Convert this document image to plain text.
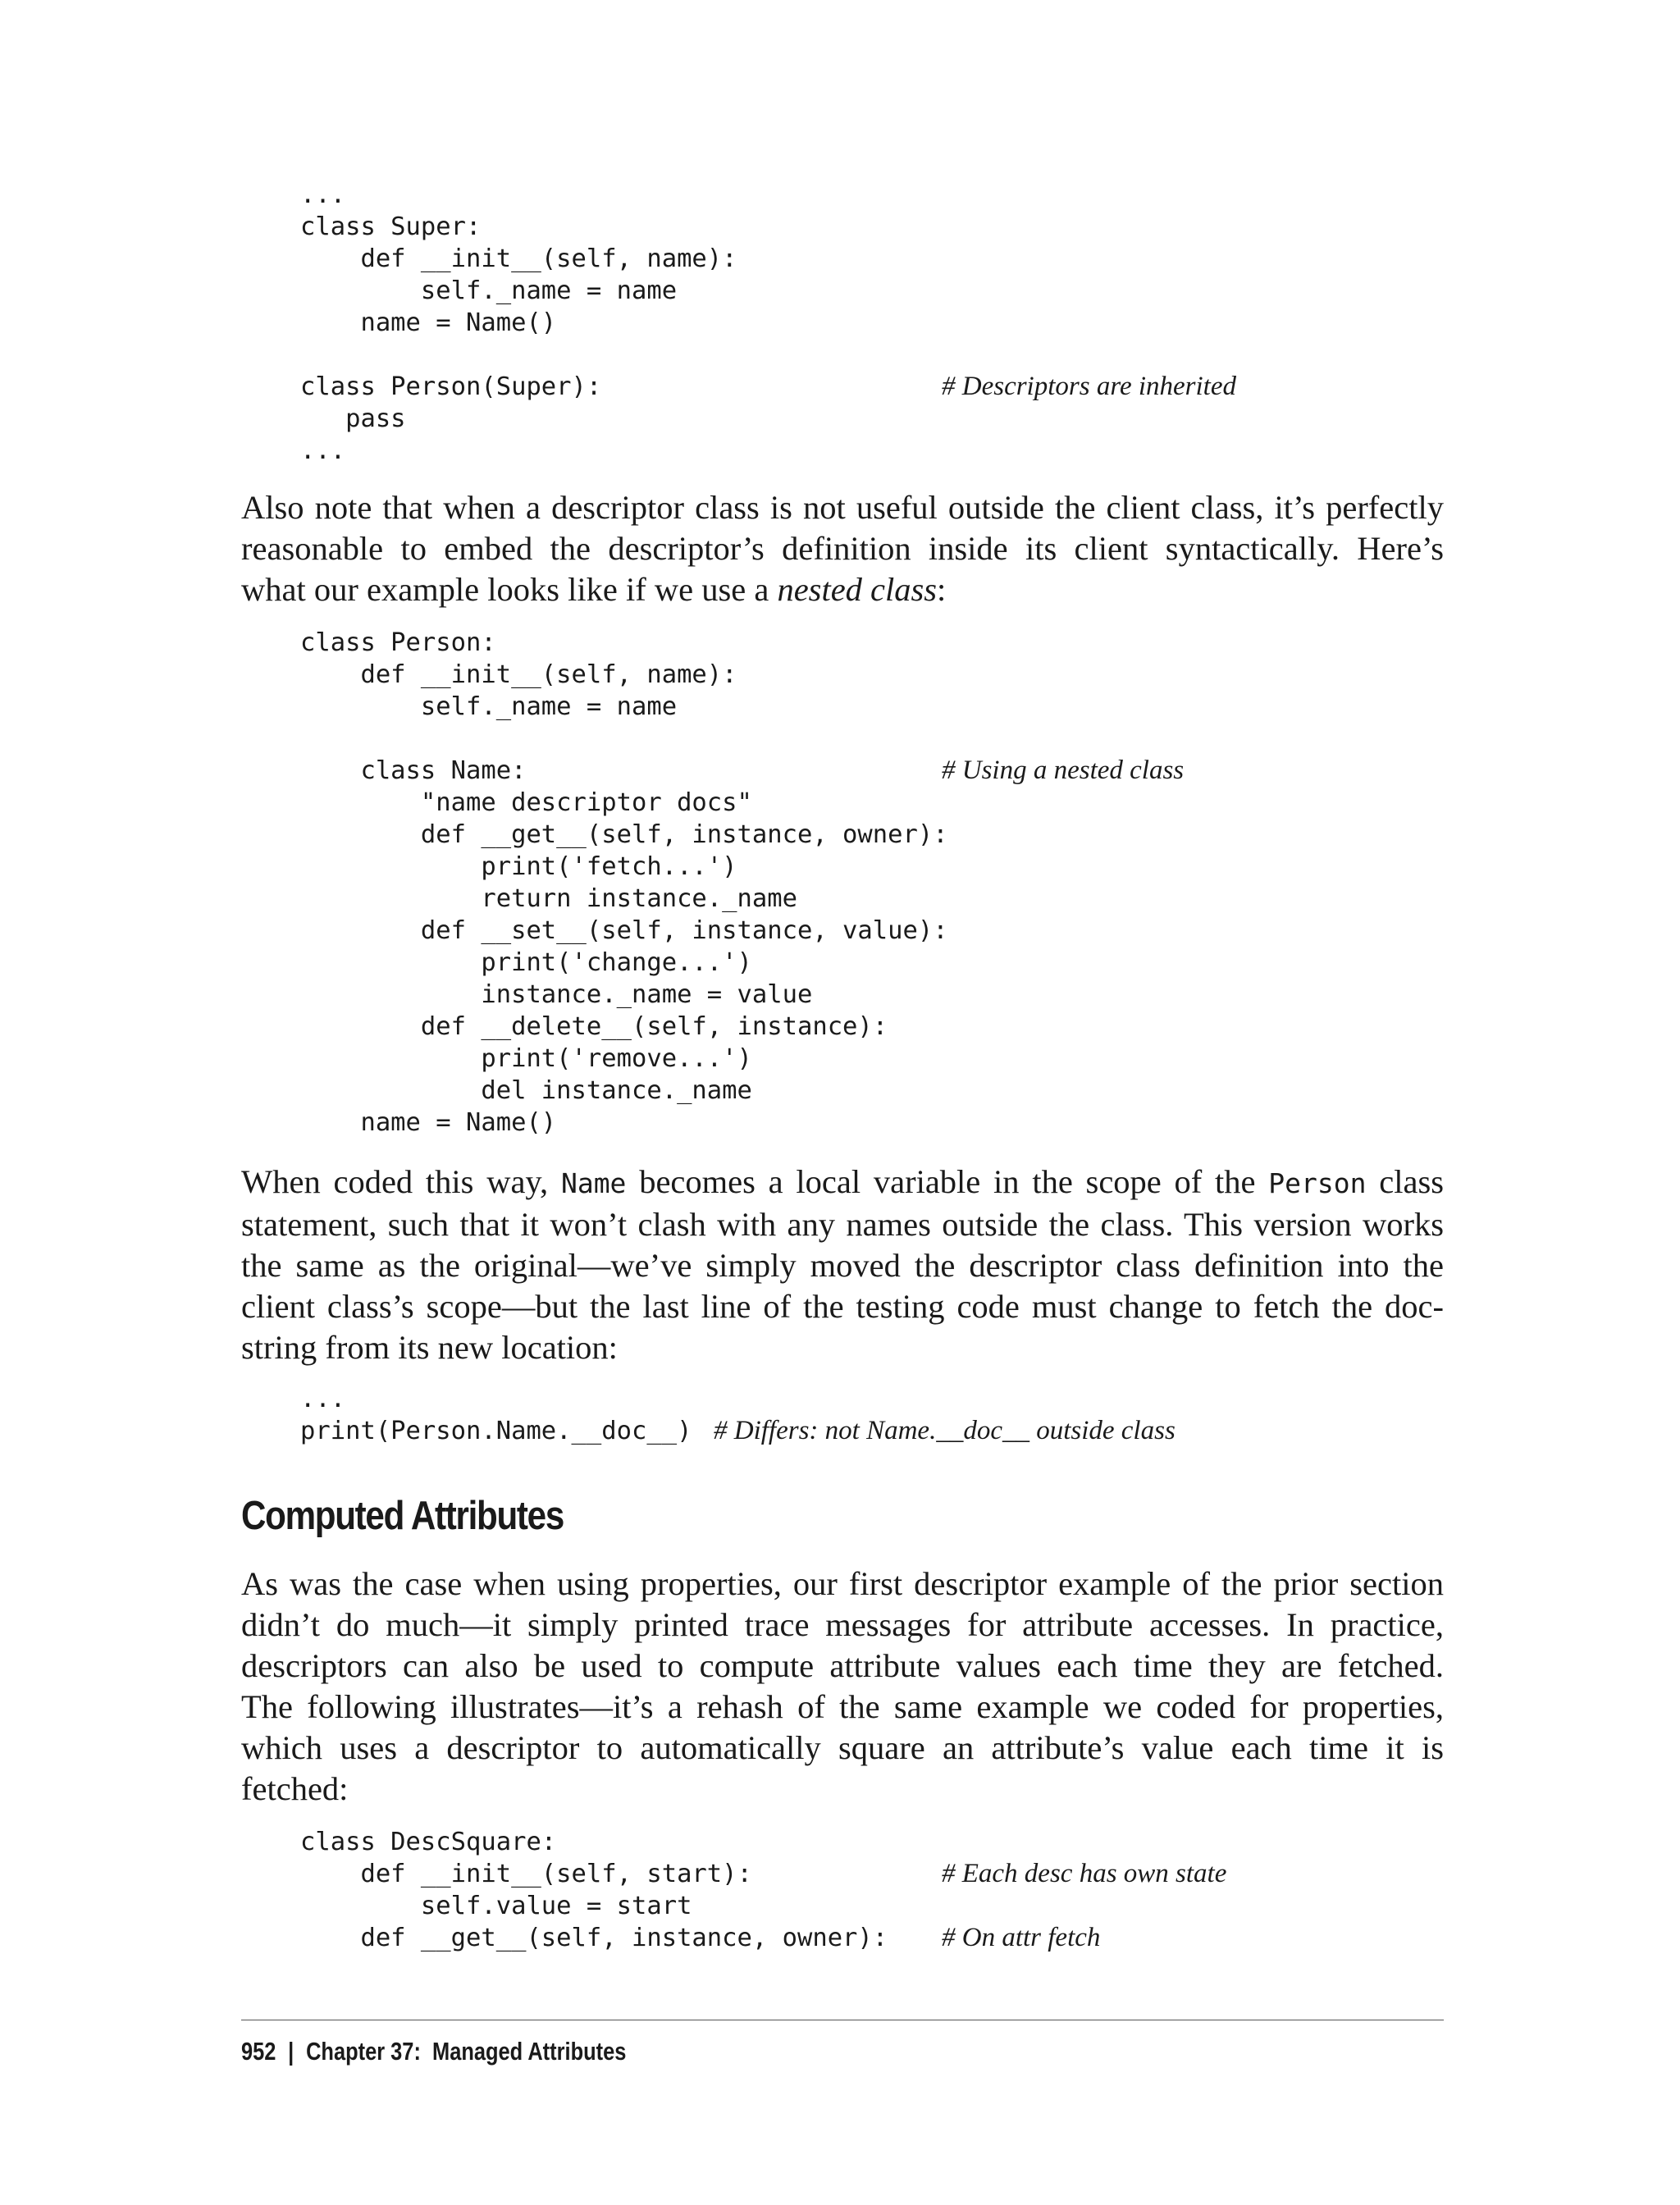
...
class Super:
def __init__(self, name):
self._name = name
name = Name()

class Person(Super):
pass
...
# Descriptors are inherited

Also note that when a descriptor class is not useful outside the client class, it’s perfectly
reasonable to embed the descriptor’s definition inside its client syntactically. Here’s
what our example looks like if we use a nested class:

class Person:
def __init__(self, name):
self._name = name

class Name:
"name descriptor docs"
def __get__(self, instance, owner):
print('fetch...')
return instance._name
def __set__(self, instance, value):
print('change...')
instance._name = value
def __delete__(self, instance):
print('remove...')
del instance._name
name = Name()
# Using a nested class

When coded this way, Name becomes a local variable in the scope of the Person class
statement, such that it won’t clash with any names outside the class. This version works
the same as the original—we’ve simply moved the descriptor class definition into the
client class’s scope—but the last line of the testing code must change to fetch the doc-
string from its new location:

...
print(Person.Name.__doc__) # Differs: not Name.__doc__ outside class
Computed Attributes

As was the case when using properties, our first descriptor example of the prior section
didn’t do much—it simply printed trace messages for attribute accesses. In practice,
descriptors can also be used to compute attribute values each time they are fetched.
The following illustrates—it’s a rehash of the same example we coded for properties,
which uses a descriptor to automatically square an attribute’s value each time it is
fetched:

class DescSquare:
def __init__(self, start):
self.value = start
def __get__(self, instance, owner):
# Each desc has own state
# On attr fetch
952 | Chapter 37:  Managed Attributes
